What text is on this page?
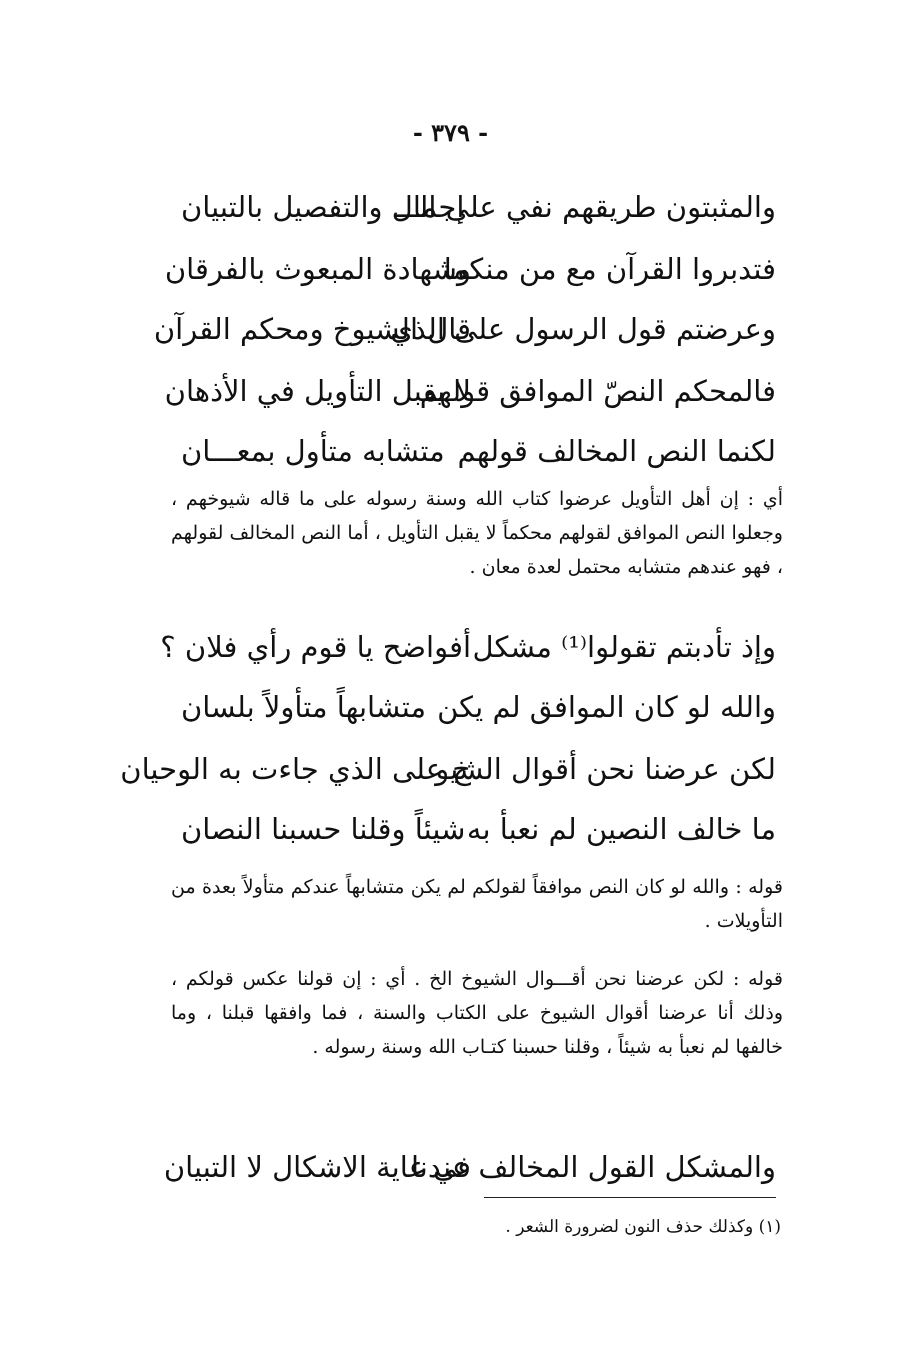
- ٣٧٩ -
والمثبتون طريقهم نفي على الـــ
إجمال والتفصيل بالتبيان
فتدبروا القرآن مع من منكما
وشهادة المبعوث بالفرقان
وعرضتم قول الرسول على الذي
قال الشيوخ ومحكم القرآن
فالمحكم النصّ الموافق قولهم
لا يقبل التأويل في الأذهان
لكنما النص المخالف قولهم
متشابه متأول بمعـــان

أي : إن أهل التأويل عرضوا كتاب الله وسنة رسوله على ما قاله شيوخهم ، وجعلوا النص الموافق لقولهم محكماً لا يقبل التأويل ، أما النص المخالف لقولهم ، فهو عندهم متشابه محتمل لعدة معان .

وإذ تأدبتم تقولوا⁽¹⁾ مشكل
أفواضح يا قوم رأي فلان ؟
والله لو كان الموافق لم يكن
متشابهاً متأولاً بلسان
لكن عرضنا نحن أقوال الشيو
خ على الذي جاءت به الوحيان
ما خالف النصين لم نعبأ به
شيئاً وقلنا حسبنا النصان

قوله : والله لو كان النص موافقاً لقولكم لم يكن متشابهاً عندكم متأولاً بعدة من التأويلات .

قوله : لكن عرضنا نحن أقـــوال الشيوخ الخ . أي : إن قولنا عكس قولكم ، وذلك أنا عرضنا أقوال الشيوخ على الكتاب والسنة ، فما وافقها قبلنا ، وما خالفها لم نعبأ به شيئاً ، وقلنا حسبنا كتـاب الله وسنة رسوله .

والمشكل القول المخالف عندنا
في غاية الاشكال لا التبيان
(١) وكذلك حذف النون لضرورة الشعر .
